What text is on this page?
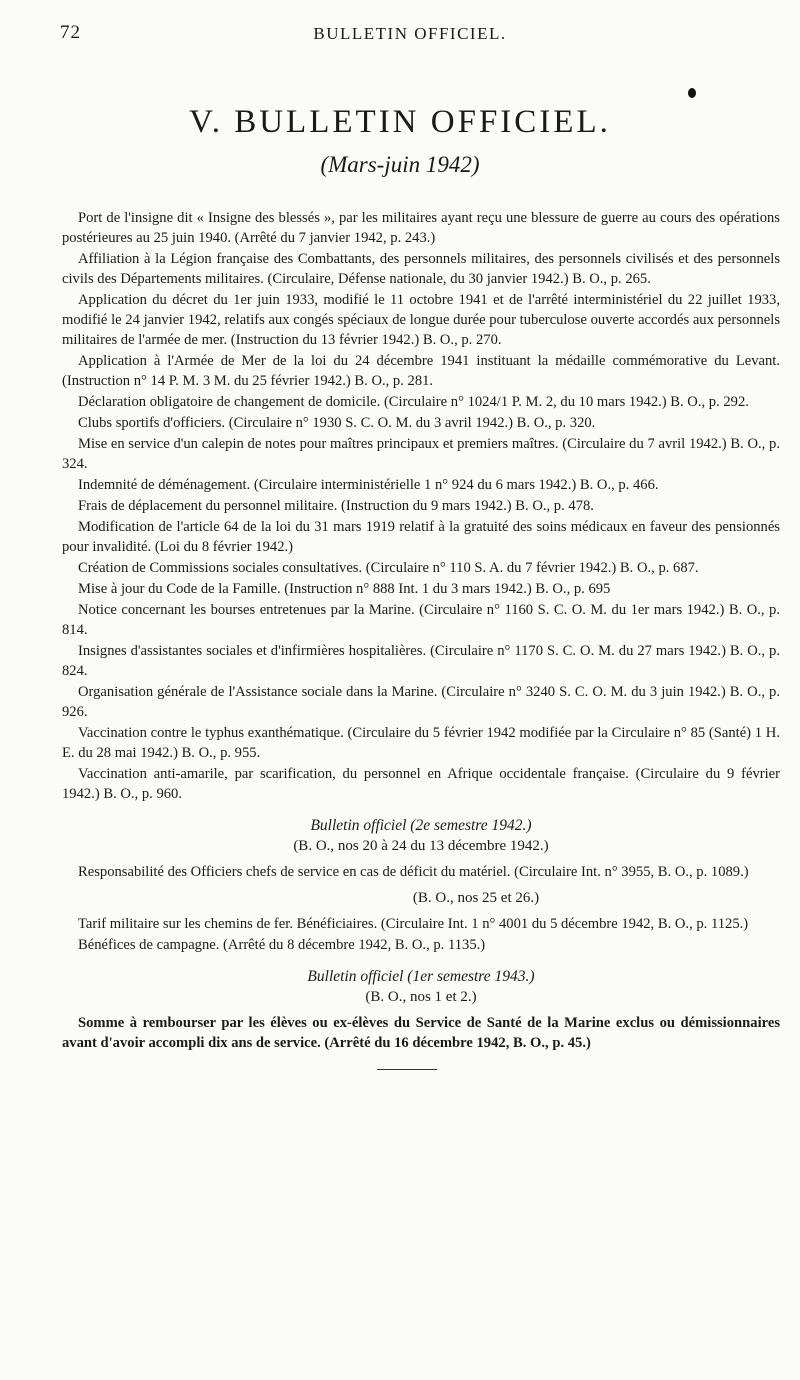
72	BULLETIN OFFICIEL.
V. BULLETIN OFFICIEL.
(Mars-juin 1942)

Port de l'insigne dit « Insigne des blessés », par les militaires ayant reçu une blessure de guerre au cours des opérations postérieures au 25 juin 1940. (Arrêté du 7 janvier 1942, p. 243.)

Affiliation à la Légion française des Combattants, des personnels militaires, des personnels civilisés et des personnels civils des Départements militaires. (Circulaire, Défense nationale, du 30 janvier 1942.) B. O., p. 265.

Application du décret du 1er juin 1933, modifié le 11 octobre 1941 et de l'arrêté interministériel du 22 juillet 1933, modifié le 24 janvier 1942, relatifs aux congés spéciaux de longue durée pour tuberculose ouverte accordés aux personnels militaires de l'armée de mer. (Instruction du 13 février 1942.) B. O., p. 270.

Application à l'Armée de Mer de la loi du 24 décembre 1941 instituant la médaille commémorative du Levant. (Instruction n° 14 P. M. 3 M. du 25 février 1942.) B. O., p. 281.

Déclaration obligatoire de changement de domicile. (Circulaire n° 1024/1 P. M. 2, du 10 mars 1942.) B. O., p. 292.

Clubs sportifs d'officiers. (Circulaire n° 1930 S. C. O. M. du 3 avril 1942.) B. O., p. 320.

Mise en service d'un calepin de notes pour maîtres principaux et premiers maîtres. (Circulaire du 7 avril 1942.) B. O., p. 324.

Indemnité de déménagement. (Circulaire interministérielle 1 n° 924 du 6 mars 1942.) B. O., p. 466.

Frais de déplacement du personnel militaire. (Instruction du 9 mars 1942.) B. O., p. 478.

Modification de l'article 64 de la loi du 31 mars 1919 relatif à la gratuité des soins médicaux en faveur des pensionnés pour invalidité. (Loi du 8 février 1942.)

Création de Commissions sociales consultatives. (Circulaire n° 110 S. A. du 7 février 1942.) B. O., p. 687.

Mise à jour du Code de la Famille. (Instruction n° 888 Int. 1 du 3 mars 1942.) B. O., p. 695

Notice concernant les bourses entretenues par la Marine. (Circulaire n° 1160 S. C. O. M. du 1er mars 1942.) B. O., p. 814.

Insignes d'assistantes sociales et d'infirmières hospitalières. (Circulaire n° 1170 S. C. O. M. du 27 mars 1942.) B. O., p. 824.

Organisation générale de l'Assistance sociale dans la Marine. (Circulaire n° 3240 S. C. O. M. du 3 juin 1942.) B. O., p. 926.

Vaccination contre le typhus exanthématique. (Circulaire du 5 février 1942 modifiée par la Circulaire n° 85 (Santé) 1 H. E. du 28 mai 1942.) B. O., p. 955.

Vaccination anti-amarile, par scarification, du personnel en Afrique occidentale française. (Circulaire du 9 février 1942.) B. O., p. 960.

Bulletin officiel (2e semestre 1942.)

(B. O., nos 20 à 24 du 13 décembre 1942.)

Responsabilité des Officiers chefs de service en cas de déficit du matériel. (Circulaire Int. n° 3955, B. O., p. 1089.)

(B. O., nos 25 et 26.)

Tarif militaire sur les chemins de fer. Bénéficiaires. (Circulaire Int. 1 n° 4001 du 5 décembre 1942, B. O., p. 1125.)

Bénéfices de campagne. (Arrêté du 8 décembre 1942, B. O., p. 1135.)

Bulletin officiel (1er semestre 1943.)

(B. O., nos 1 et 2.)

Somme à rembourser par les élèves ou ex-élèves du Service de Santé de la Marine exclus ou démissionnaires avant d'avoir accompli dix ans de service. (Arrêté du 16 décembre 1942, B. O., p. 45.)
